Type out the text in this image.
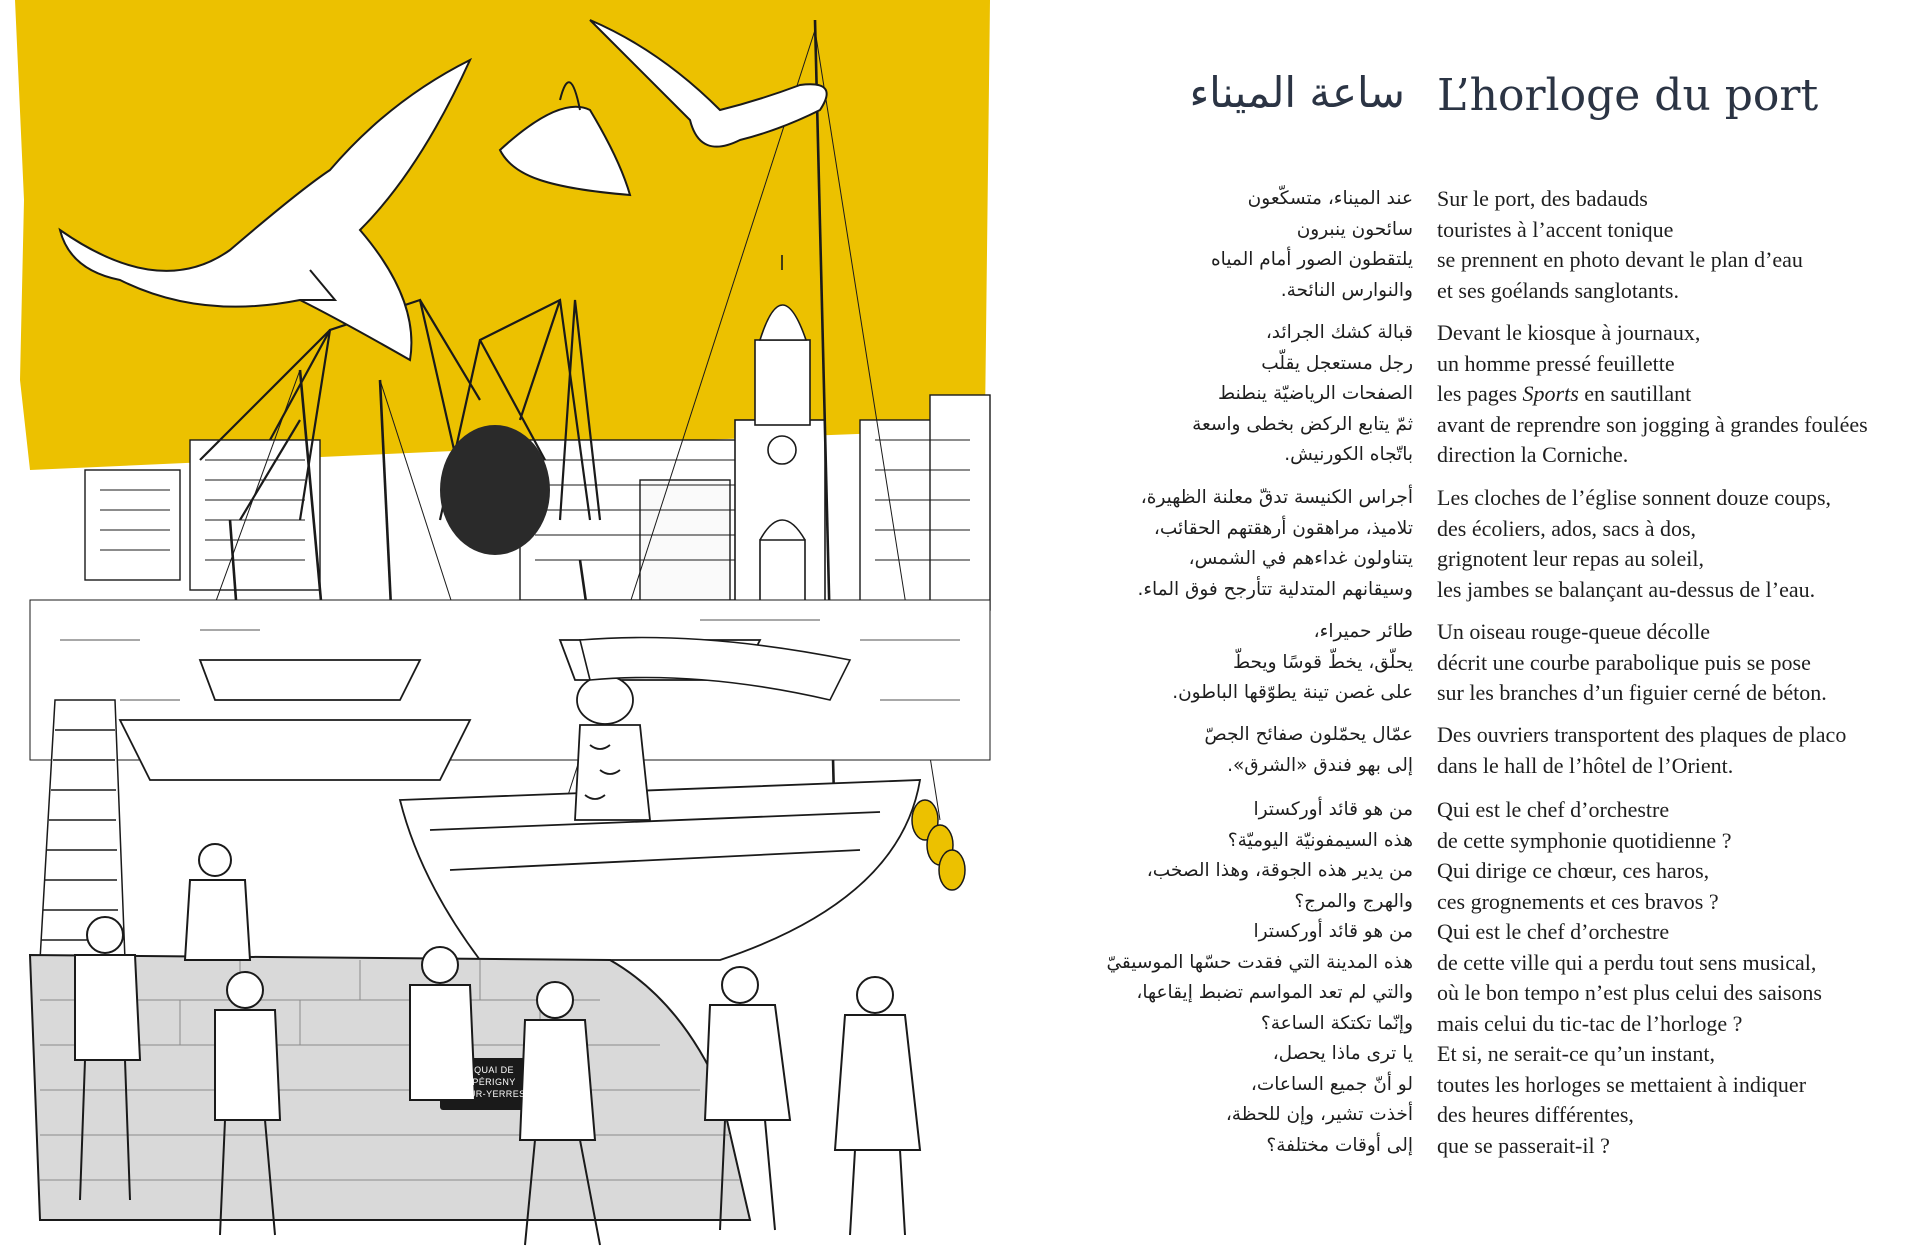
QUAI DE
PÉRIGNY
SUR-YERRES
ساعة الميناء L’horloge du port
Sur le port, des badauds
touristes à l’accent tonique
se prennent en photo devant le plan d’eau
et ses goélands sanglotants.
Devant le kiosque à journaux,
un homme pressé feuillette
les pages Sports en sautillant
avant de reprendre son jogging à grandes foulées
direction la Corniche.
Les cloches de l’église sonnent douze coups,
des écoliers, ados, sacs à dos,
grignotent leur repas au soleil,
les jambes se balançant au-dessus de l’eau.
Un oiseau rouge-queue décolle
décrit une courbe parabolique puis se pose
sur les branches d’un figuier cerné de béton.
Des ouvriers transportent des plaques de placo
dans le hall de l’hôtel de l’Orient.
Qui est le chef d’orchestre
de cette symphonie quotidienne ?
Qui dirige ce chœur, ces haros,
ces grognements et ces bravos ?
Qui est le chef d’orchestre
de cette ville qui a perdu tout sens musical,
où le bon tempo n’est plus celui des saisons
mais celui du tic-tac de l’horloge ?
Et si, ne serait-ce qu’un instant,
toutes les horloges se mettaient à indiquer
des heures différentes,
que se passerait-il ?
عند الميناء، متسكّعون
سائحون ينبرون
يلتقطون الصور أمام المياه
والنوارس النائحة.
قبالة كشك الجرائد،
رجل مستعجل يقلّب
الصفحات الرياضيّة ينطنط
ثمّ يتابع الركض بخطى واسعة
باتّجاه الكورنيش.
أجراس الكنيسة تدقّ معلنة الظهيرة،
تلاميذ، مراهقون أرهقتهم الحقائب،
يتناولون غداءهم في الشمس،
وسيقانهم المتدلية تتأرجح فوق الماء.
طائر حميراء،
يحلّق، يخطّ قوسًا ويحطّ
على غصن تينة يطوّقها الباطون.
عمّال يحمّلون صفائح الجصّ
إلى بهو فندق «الشرق».
من هو قائد أوركسترا
هذه السيمفونيّة اليوميّة؟
من يدير هذه الجوقة، وهذا الصخب،
والهرج والمرج؟
من هو قائد أوركسترا
هذه المدينة التي فقدت حسّها الموسيقيّ
والتي لم تعد المواسم تضبط إيقاعها،
وإنّما تكتكة الساعة؟
يا ترى ماذا يحصل،
لو أنّ جميع الساعات،
أخذت تشير، وإن للحظة،
إلى أوقات مختلفة؟
